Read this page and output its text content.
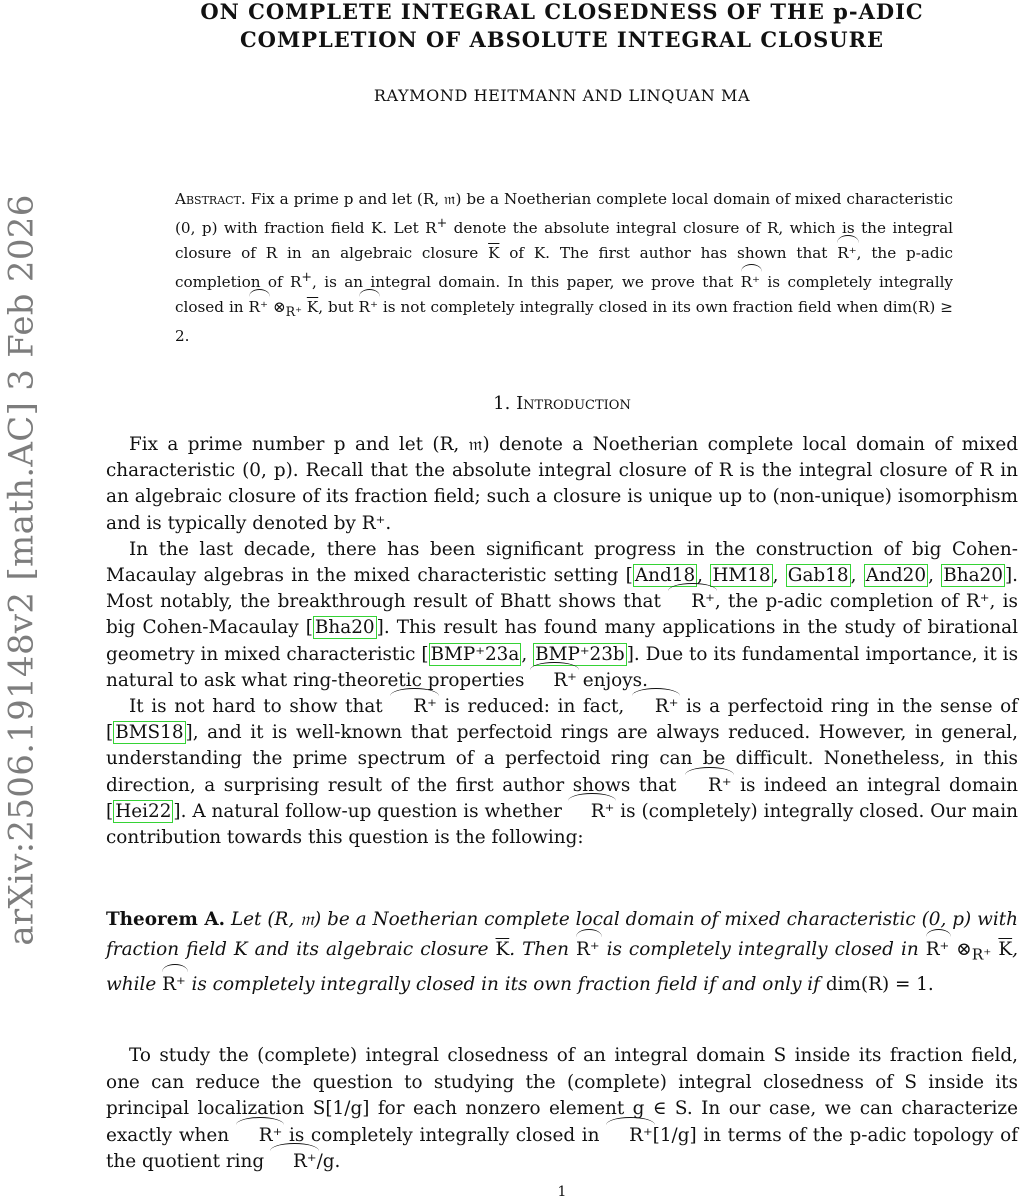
arXiv:2506.19148v2 [math.AC] 3 Feb 2026
ON COMPLETE INTEGRAL CLOSEDNESS OF THE p-ADIC
COMPLETION OF ABSOLUTE INTEGRAL CLOSURE
RAYMOND HEITMANN AND LINQUAN MA
Abstract. Fix a prime p and let (R, 𝔪) be a Noetherian complete local domain of mixed characteristic (0, p) with fraction field K. Let R+ denote the absolute integral closure of R, which is the integral closure of R in an algebraic closure $\overline{K}$ of K. The first author has shown that R⁺, the p-adic completion of R+, is an integral domain. In this paper, we prove that R⁺ is completely integrally closed in R⁺ $\otimes_{R^+}$ $\overline{K}$, but R⁺ is not completely integrally closed in its own fraction field when dim(R) ≥ 2.
1. Introduction

Fix a prime number p and let (R, 𝔪) denote a Noetherian complete local domain of mixed characteristic (0, p). Recall that the absolute integral closure of R is the integral closure of R in an algebraic closure of its fraction field; such a closure is unique up to (non-unique) isomorphism and is typically denoted by R⁺.

In the last decade, there has been significant progress in the construction of big Cohen-Macaulay algebras in the mixed characteristic setting [ And18 , HM18 , Gab18 , And20 , Bha20 ]. Most notably, the breakthrough result of Bhatt shows that R⁺, the p-adic completion of R⁺, is big Cohen-Macaulay [ Bha20 ]. This result has found many applications in the study of birational geometry in mixed characteristic [ BMP⁺23a , BMP⁺23b ]. Due to its fundamental importance, it is natural to ask what ring-theoretic properties R⁺ enjoys.

It is not hard to show that R⁺ is reduced: in fact, R⁺ is a perfectoid ring in the sense of [ BMS18 ], and it is well-known that perfectoid rings are always reduced. However, in general, understanding the prime spectrum of a perfectoid ring can be difficult. Nonetheless, in this direction, a surprising result of the first author shows that R⁺ is indeed an integral domain [ Hei22 ]. A natural follow-up question is whether R⁺ is (completely) integrally closed. Our main contribution towards this question is the following:

Theorem A. Let (R, 𝔪) be a Noetherian complete local domain of mixed characteristic (0, p) with fraction field K and its algebraic closure $\overline{K}$. Then R⁺ is completely integrally closed in R⁺ $\otimes_{R^+}$ $\overline{K}$, while R⁺ is completely integrally closed in its own fraction field if and only if dim(R) = 1.

To study the (complete) integral closedness of an integral domain S inside its fraction field, one can reduce the question to studying the (complete) integral closedness of S inside its principal localization S[1/g] for each nonzero element g ∈ S. In our case, we can characterize exactly when R⁺ is completely integrally closed in R⁺[1/g] in terms of the p-adic topology of the quotient ring R⁺/g.

1
